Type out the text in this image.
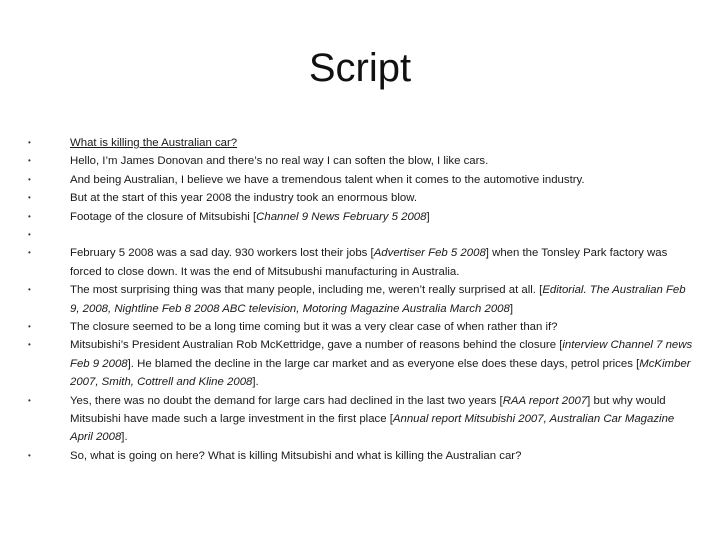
Script
•	What is killing the Australian car?
•	Hello, I’m James Donovan and there’s no real way I can soften the blow, I like cars.
•	And being Australian, I believe we have a tremendous talent when it comes to the automotive industry.
•	But at the start of this year 2008 the industry took an enormous blow.
•	Footage of the closure of Mitsubishi [Channel 9 News February 5 2008]
•
•	February 5 2008 was a sad day. 930 workers lost their jobs [Advertiser Feb 5 2008] when the Tonsley Park factory was forced to close down. It was the end of Mitsubushi manufacturing in Australia.
•	The most surprising thing was that many people, including me, weren’t really surprised at all. [Editorial. The Australian Feb 9, 2008, Nightline Feb 8 2008 ABC television, Motoring Magazine Australia March 2008]
•	The closure seemed to be a long time coming but it was a very clear case of when rather than if?
•	Mitsubishi’s President Australian Rob McKettridge, gave a number of reasons behind the closure [interview Channel 7 news Feb 9 2008]. He blamed the decline in the large car market and as everyone else does these days, petrol prices [McKimber 2007, Smith, Cottrell and Kline 2008].
•	Yes, there was no doubt the demand for large cars had declined in the last two years [RAA report 2007] but why would Mitsubishi have made such a large investment in the first place [Annual report Mitsubishi 2007, Australian Car Magazine April 2008].
•	So, what is going on here? What is killing Mitsubishi and what is killing the Australian car?
